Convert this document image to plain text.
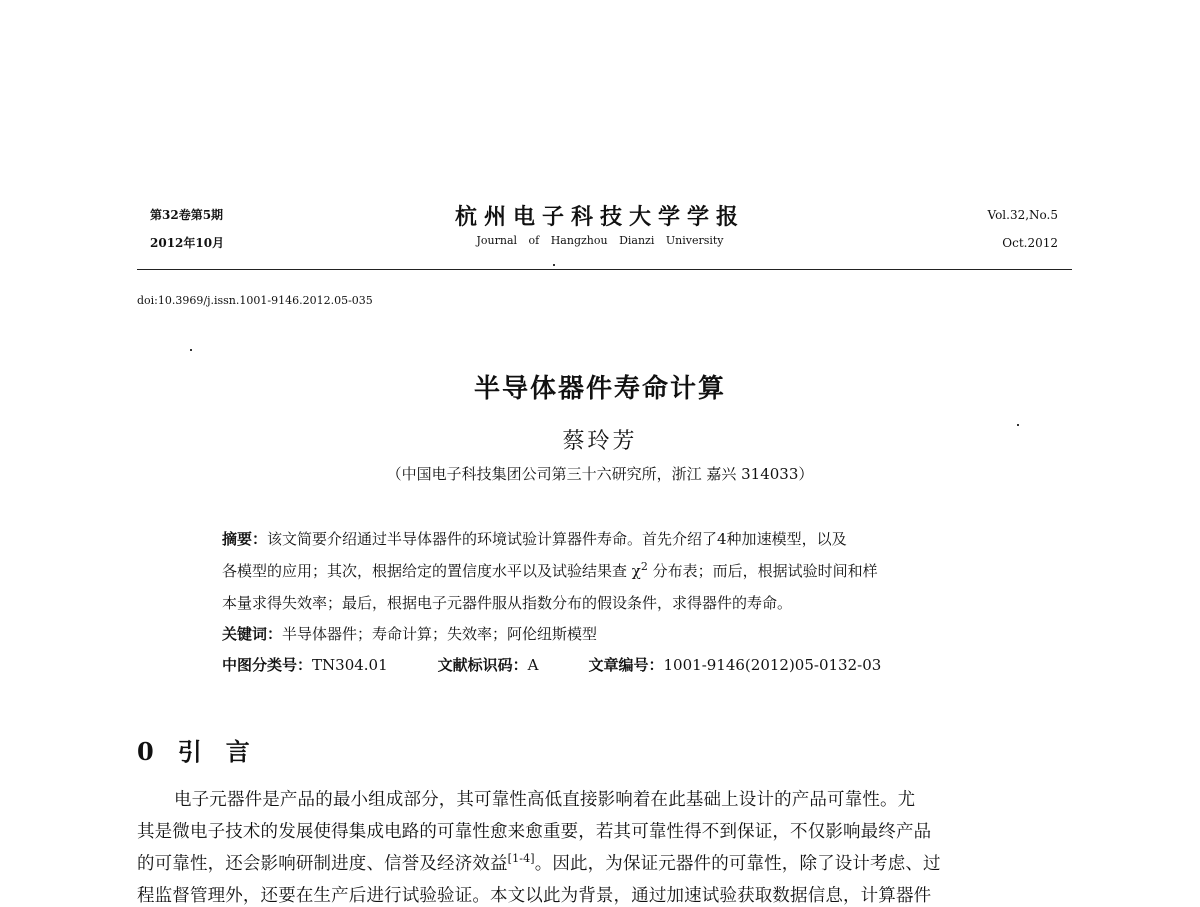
第32卷第5期
2012年10月
杭州电子科技大学学报
Journal of Hangzhou Dianzi University
Vol.32,No.5
Oct.2012
doi:10.3969/j.issn.1001-9146.2012.05-035
半导体器件寿命计算
蔡玲芳
（中国电子科技集团公司第三十六研究所，浙江 嘉兴 314033）
摘要：该文简要介绍通过半导体器件的环境试验计算器件寿命。首先介绍了4种加速模型，以及
各模型的应用；其次，根据给定的置信度水平以及试验结果查 $\chi^2$ 分布表；而后，根据试验时间和样
本量求得失效率；最后，根据电子元器件服从指数分布的假设条件，求得器件的寿命。
关键词：半导体器件；寿命计算；失效率；阿伦纽斯模型
中图分类号：TN304.01	文献标识码：A	文章编号：1001-9146(2012)05-0132-03
0 引言
电子元器件是产品的最小组成部分，其可靠性高低直接影响着在此基础上设计的产品可靠性。尤
其是微电子技术的发展使得集成电路的可靠性愈来愈重要，若其可靠性得不到保证，不仅影响最终产品
的可靠性，还会影响研制进度、信誉及经济效益[1-4]。因此，为保证元器件的可靠性，除了设计考虑、过
程监督管理外，还要在生产后进行试验验证。本文以此为背景，通过加速试验获取数据信息，计算器件
